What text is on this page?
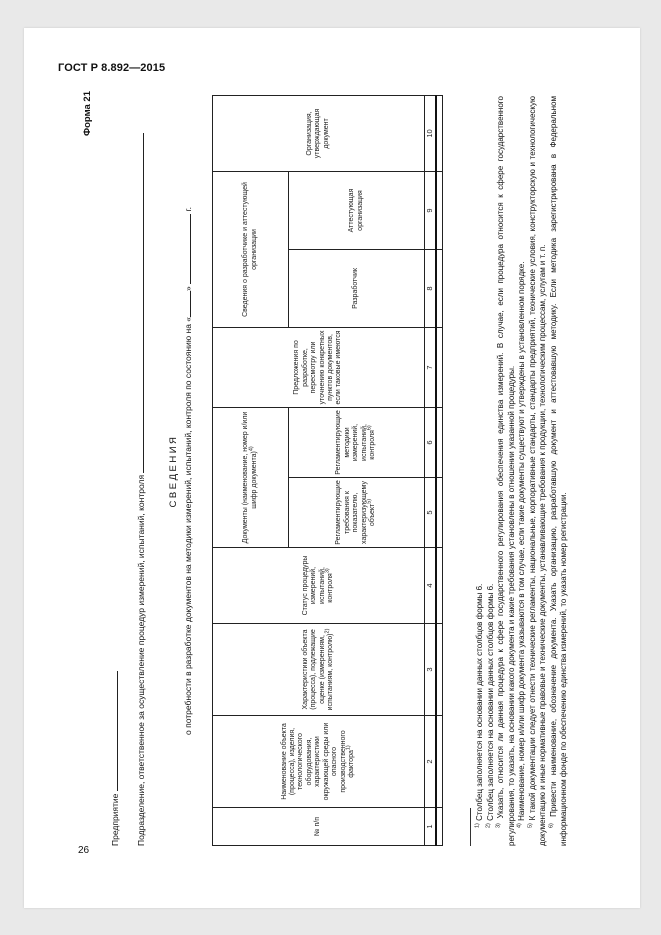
ГОСТ Р 8.892—2015
26
Форма 21
Предприятие Подразделение, ответственное за осуществление процедур измерений, испытаний, контроля
СВЕДЕНИЯ о потребности в разработке документов на методики измерений, испытаний, контроля по состоянию на «»  г.
№ п/п	Наименование объекта (процесса), изделия, технологического оборудования, характеристики окружающей среды или опасного производственного фактора$^{1)}$	Характеристики объекта (процесса), подлежащие оценке (измерениям, испытаниям, контролю)$^{2)}$	Статус процедуры измерений, испытаний, контроля$^{3)}$	Документы (наименование, номер и/или шифр документа)$^{4)}$		Предложения по разработке, пересмотру или уточнению конкретных пунктов документов, если таковые имеются	Сведения о разработчике и аттестующей организации		Организация, утверждающая документ
				Регламентирующие требования к показателю, характеризующему объект$^{5)}$	Регламентирующие методики измерений, испытаний, контроля$^{6)}$		Разработчик	Аттестующая организация	
1	2	3	4	5	6	7	8	9	10

$^{1)}$ Столбец заполняется на основании данных столбцов формы 6.

$^{2)}$ Столбец заполняется на основании данных столбцов формы 6.

$^{3)}$ Указать, относится ли данная процедура к сфере государственного регулирования обеспечения единства измерений. В случае, если процедура относится к сфере государственного регулирования, то указать, на основании какого документа и какие требования установлены в отношении указанной процедуры. $^{4)}$ Наименование, номер и/или шифр документа указываются в том случае, если такие документы существуют и утверждены в установленном порядке.

$^{5)}$ К такой документации следует отнести технические регламенты, национальные, корпоративные стандарты, стандарты предприятий, технические условия, конструкторскую и технологическую документацию и иные нормативные правовые и технические документы, устанавливающие требования к продукции, технологическим процессам, услугам и т. п. $^{6)}$ Привести наименование, обозначение документа. Указать организацию, разработавшую документ и аттестовавшую методику. Если методика зарегистрирована в Федеральном информационном фонде по обеспечению единства измерений, то указать номер регистрации.
